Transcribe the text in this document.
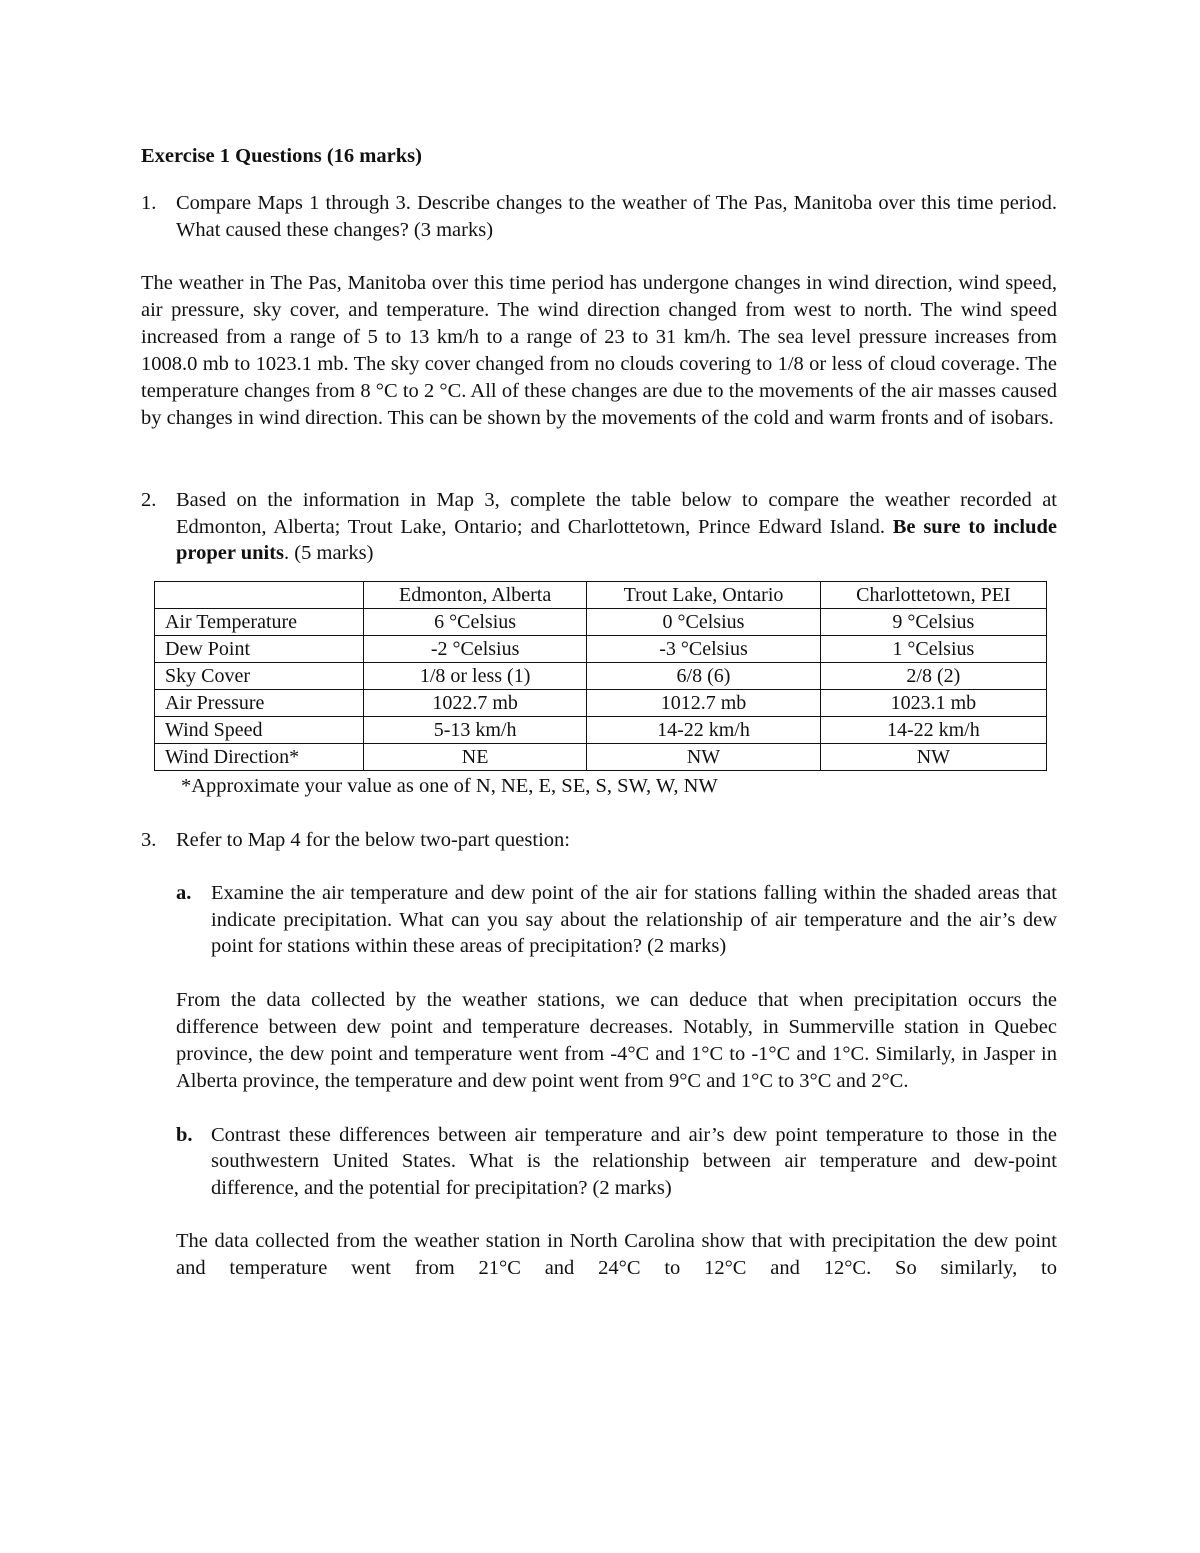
Exercise 1 Questions (16 marks)
1. Compare Maps 1 through 3. Describe changes to the weather of The Pas, Manitoba over this time period. What caused these changes? (3 marks)
The weather in The Pas, Manitoba over this time period has undergone changes in wind direction, wind speed, air pressure, sky cover, and temperature. The wind direction changed from west to north. The wind speed increased from a range of 5 to 13 km/h to a range of 23 to 31 km/h. The sea level pressure increases from 1008.0 mb to 1023.1 mb. The sky cover changed from no clouds covering to 1/8 or less of cloud coverage. The temperature changes from 8 °C to 2 °C. All of these changes are due to the movements of the air masses caused by changes in wind direction. This can be shown by the movements of the cold and warm fronts and of isobars.
2. Based on the information in Map 3, complete the table below to compare the weather recorded at Edmonton, Alberta; Trout Lake, Ontario; and Charlottetown, Prince Edward Island. Be sure to include proper units. (5 marks)
	Edmonton, Alberta	Trout Lake, Ontario	Charlottetown, PEI
Air Temperature	6 °Celsius	0 °Celsius	9 °Celsius
Dew Point	-2 °Celsius	-3 °Celsius	1 °Celsius
Sky Cover	1/8 or less (1)	6/8 (6)	2/8 (2)
Air Pressure	1022.7 mb	1012.7 mb	1023.1 mb
Wind Speed	5-13 km/h	14-22 km/h	14-22 km/h
Wind Direction*	NE	NW	NW
*Approximate your value as one of N, NE, E, SE, S, SW, W, NW
3. Refer to Map 4 for the below two-part question:
a. Examine the air temperature and dew point of the air for stations falling within the shaded areas that indicate precipitation. What can you say about the relationship of air temperature and the air’s dew point for stations within these areas of precipitation? (2 marks)
From the data collected by the weather stations, we can deduce that when precipitation occurs the difference between dew point and temperature decreases. Notably, in Summerville station in Quebec province, the dew point and temperature went from -4°C and 1°C to -1°C and 1°C. Similarly, in Jasper in Alberta province, the temperature and dew point went from 9°C and 1°C to 3°C and 2°C.
b. Contrast these differences between air temperature and air’s dew point temperature to those in the southwestern United States. What is the relationship between air temperature and dew-point difference, and the potential for precipitation? (2 marks)
The data collected from the weather station in North Carolina show that with precipitation the dew point and temperature went from 21°C and 24°C to 12°C and 12°C. So similarly, to
